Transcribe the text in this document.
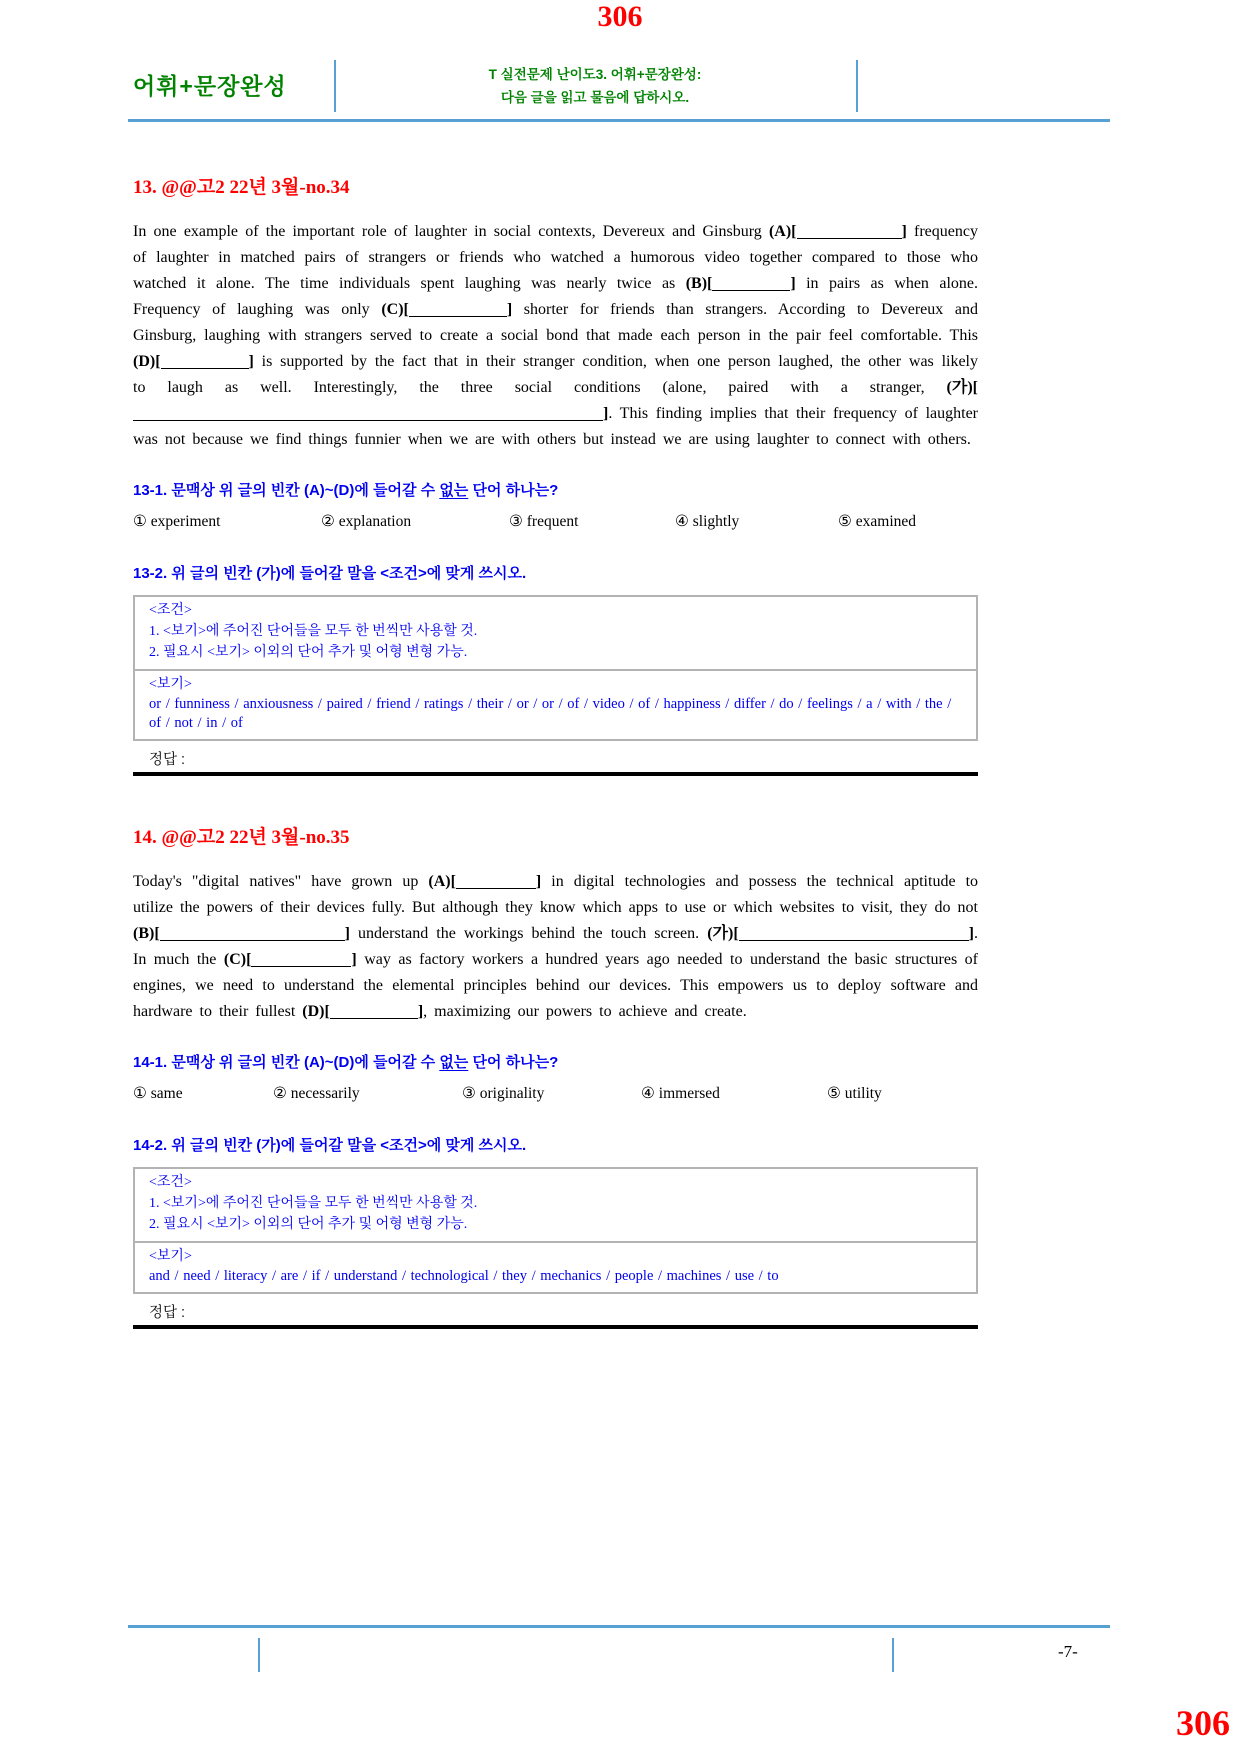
306
어휘+문장완성	T 실전문제 난이도3. 어휘+문장완성:
다음 글을 읽고 물음에 답하시오.
13. @@고2 22년 3월-no.34

In one example of the important role of laughter in social contexts, Devereux and Ginsburg (A)[	] frequency of laughter in matched pairs of strangers or friends who watched a humorous video together compared to those who watched it alone. The time individuals spent laughing was nearly twice as (B)[	] in pairs as when alone. Frequency of laughing was only (C)[	] shorter for friends than strangers. According to Devereux and Ginsburg, laughing with strangers served to create a social bond that made each person in the pair feel comfortable. This (D)[	] is supported by the fact that in their stranger condition, when one person laughed, the other was likely to laugh as well. Interestingly, the three social conditions (alone, paired with a stranger, (가)[]. This finding implies that their frequency of laughter was not because we find things funnier when we are with others but instead we are using laughter to connect with others.

13-1. 문맥상 위 글의 빈칸 (A)~(D)에 들어갈 수 없는 단어 하나는?
① experiment	② explanation	③ frequent	④ slightly	⑤ examined
13-2. 위 글의 빈칸 (가)에 들어갈 말을 <조건>에 맞게 쓰시오.
<조건>
1. <보기>에 주어진 단어들을 모두 한 번씩만 사용할 것.
2. 필요시 <보기> 이외의 단어 추가 및 어형 변형 가능.
<보기>
or / funniness / anxiousness / paired / friend / ratings / their / or / or / of / video / of / happiness / differ / do / feelings / a / with / the / of / not / in / of
정답 :
14. @@고2 22년 3월-no.35

Today's "digital natives" have grown up (A)[	] in digital technologies and possess the technical aptitude to utilize the powers of their devices fully. But although they know which apps to use or which websites to visit, they do not (B)[	] understand the workings behind the touch screen. (가)[	]. In much the (C)[	] way as factory workers a hundred years ago needed to understand the basic structures of engines, we need to understand the elemental principles behind our devices. This empowers us to deploy software and hardware to their fullest (D)[	], maximizing our powers to achieve and create.

14-1. 문맥상 위 글의 빈칸 (A)~(D)에 들어갈 수 없는 단어 하나는?
① same	② necessarily	③ originality	④ immersed	⑤ utility
14-2. 위 글의 빈칸 (가)에 들어갈 말을 <조건>에 맞게 쓰시오.
<조건>
1. <보기>에 주어진 단어들을 모두 한 번씩만 사용할 것.
2. 필요시 <보기> 이외의 단어 추가 및 어형 변형 가능.
<보기>
and / need / literacy / are / if / understand / technological / they / mechanics / people / machines / use / to
정답 :
-7-
306
